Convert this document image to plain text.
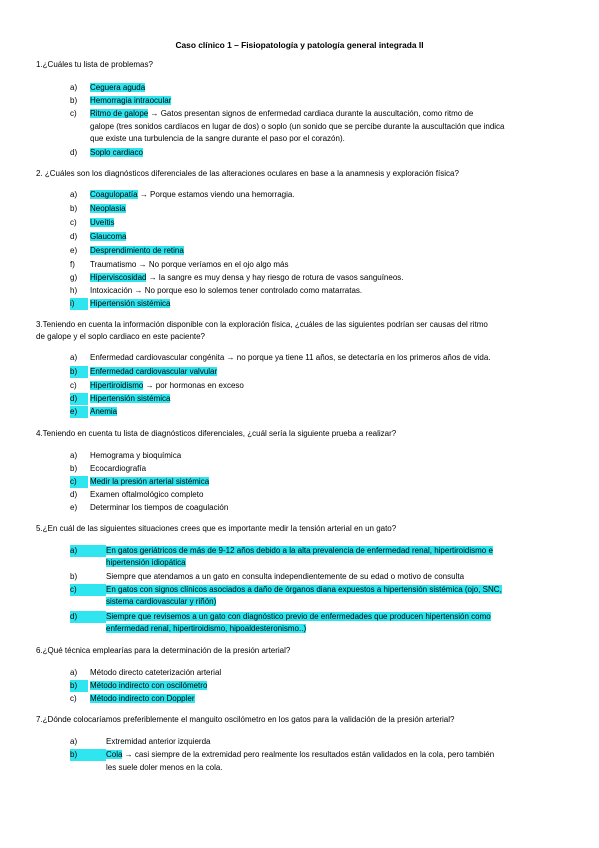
Caso clínico 1 – Fisiopatología y patología general integrada II
1.¿Cuáles tu lista de problemas?
a)	Ceguera aguda
b)	Hemorragia intraocular
c)	Ritmo de galope → Gatos presentan signos de enfermedad cardiaca durante la auscultación, como ritmo de
galope (tres sonidos cardíacos en lugar de dos) o soplo (un sonido que se percibe durante la auscultación que indica
que existe una turbulencia de la sangre durante el paso por el corazón).
d)	Soplo cardiaco
2. ¿Cuáles son los diagnósticos diferenciales de las alteraciones oculares en base a la anamnesis y exploración física?
a)	Coagulopatía → Porque estamos viendo una hemorragia.
b)	Neoplasia
c)	Uveítis
d)	Glaucoma
e)	Desprendimiento de retina
f)	Traumatismo → No porque veríamos en el ojo algo más
g)	Hiperviscosidad → la sangre es muy densa y hay riesgo de rotura de vasos sanguíneos.
h)	Intoxicación → No porque eso lo solemos tener controlado como matarratas.
i)	Hipertensión sistémica
3.Teniendo en cuenta la información disponible con la exploración física, ¿cuáles de las siguientes podrían ser causas del ritmo
de galope y el soplo cardiaco en este paciente?
a)	Enfermedad cardiovascular congénita → no porque ya tiene 11 años, se detectaría en los primeros años de vida.
b)	Enfermedad cardiovascular valvular
c)	Hipertiroidismo → por hormonas en exceso
d)	Hipertensión sistémica
e)	Anemia
4.Teniendo en cuenta tu lista de diagnósticos diferenciales, ¿cuál sería la siguiente prueba a realizar?
a)	Hemograma y bioquímica
b)	Ecocardiografía
c)	Medir la presión arterial sistémica
d)	Examen oftalmológico completo
e)	Determinar los tiempos de coagulación
5.¿En cuál de las siguientes situaciones crees que es importante medir la tensión arterial en un gato?
a)	En gatos geriátricos de más de 9-12 años debido a la alta prevalencia de enfermedad renal, hipertiroidismo e
hipertensión idiopática
b)	Siempre que atendamos a un gato en consulta independientemente de su edad o motivo de consulta
c)	En gatos con signos clínicos asociados a daño de órganos diana expuestos a hipertensión sistémica (ojo, SNC,
sistema cardiovascular y riñón)
d)	Siempre que revisemos a un gato con diagnóstico previo de enfermedades que producen hipertensión como
enfermedad renal, hipertiroidismo, hipoaldesteronismo..)
6.¿Qué técnica emplearías para la determinación de la presión arterial?
a)	Método directo cateterización arterial
b)	Método indirecto con oscilómetro
c)	Método indirecto con Doppler
7.¿Dónde colocaríamos preferiblemente el manguito oscilómetro en los gatos para la validación de la presión arterial?
a)	Extremidad anterior izquierda
b)	Cola → casi siempre de la extremidad pero realmente los resultados están validados en la cola, pero también
les suele doler menos en la cola.
